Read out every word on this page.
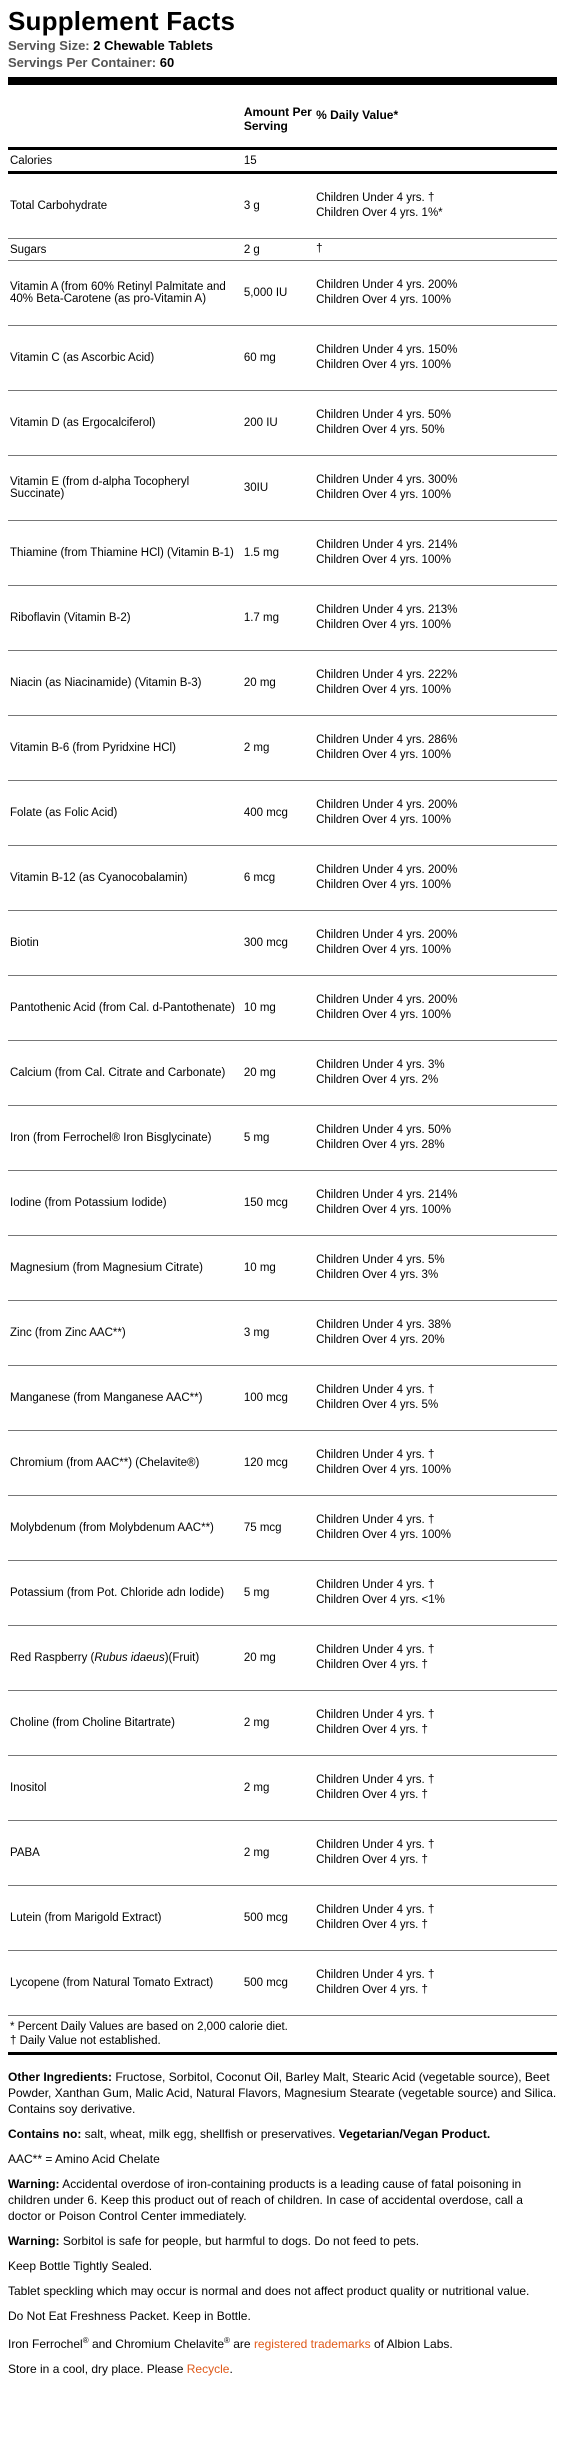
Supplement Facts
Serving Size: 2 Chewable Tablets
Servings Per Container: 60
	Amount Per Serving	% Daily Value*
Calories	15	
Total Carbohydrate	3 g	Children Under 4 yrs. †
Children Over 4 yrs. 1%*
Sugars	2 g	†
Vitamin A (from 60% Retinyl Palmitate and 40% Beta-Carotene (as pro-Vitamin A)	5,000 IU	Children Under 4 yrs. 200%
Children Over 4 yrs. 100%
Vitamin C (as Ascorbic Acid)	60 mg	Children Under 4 yrs. 150%
Children Over 4 yrs. 100%
Vitamin D (as Ergocalciferol)	200 IU	Children Under 4 yrs. 50%
Children Over 4 yrs. 50%
Vitamin E (from d-alpha Tocopheryl Succinate)	30IU	Children Under 4 yrs. 300%
Children Over 4 yrs. 100%
Thiamine (from Thiamine HCl) (Vitamin B-1)	1.5 mg	Children Under 4 yrs. 214%
Children Over 4 yrs. 100%
Riboflavin (Vitamin B-2)	1.7 mg	Children Under 4 yrs. 213%
Children Over 4 yrs. 100%
Niacin (as Niacinamide) (Vitamin B-3)	20 mg	Children Under 4 yrs. 222%
Children Over 4 yrs. 100%
Vitamin B-6 (from Pyridxine HCl)	2 mg	Children Under 4 yrs. 286%
Children Over 4 yrs. 100%
Folate (as Folic Acid)	400 mcg	Children Under 4 yrs. 200%
Children Over 4 yrs. 100%
Vitamin B-12 (as Cyanocobalamin)	6 mcg	Children Under 4 yrs. 200%
Children Over 4 yrs. 100%
Biotin	300 mcg	Children Under 4 yrs. 200%
Children Over 4 yrs. 100%
Pantothenic Acid (from Cal. d-Pantothenate)	10 mg	Children Under 4 yrs. 200%
Children Over 4 yrs. 100%
Calcium (from Cal. Citrate and Carbonate)	20 mg	Children Under 4 yrs. 3%
Children Over 4 yrs. 2%
Iron (from Ferrochel® Iron Bisglycinate)	5 mg	Children Under 4 yrs. 50%
Children Over 4 yrs. 28%
Iodine (from Potassium Iodide)	150 mcg	Children Under 4 yrs. 214%
Children Over 4 yrs. 100%
Magnesium (from Magnesium Citrate)	10 mg	Children Under 4 yrs. 5%
Children Over 4 yrs. 3%
Zinc (from Zinc AAC**)	3 mg	Children Under 4 yrs. 38%
Children Over 4 yrs. 20%
Manganese (from Manganese AAC**)	100 mcg	Children Under 4 yrs. †
Children Over 4 yrs. 5%
Chromium (from AAC**) (Chelavite®)	120 mcg	Children Under 4 yrs. †
Children Over 4 yrs. 100%
Molybdenum (from Molybdenum AAC**)	75 mcg	Children Under 4 yrs. †
Children Over 4 yrs. 100%
Potassium (from Pot. Chloride adn Iodide)	5 mg	Children Under 4 yrs. †
Children Over 4 yrs. <1%
Red Raspberry (Rubus idaeus)(Fruit)	20 mg	Children Under 4 yrs. †
Children Over 4 yrs. †
Choline (from Choline Bitartrate)	2 mg	Children Under 4 yrs. †
Children Over 4 yrs. †
Inositol	2 mg	Children Under 4 yrs. †
Children Over 4 yrs. †
PABA	2 mg	Children Under 4 yrs. †
Children Over 4 yrs. †
Lutein (from Marigold Extract)	500 mcg	Children Under 4 yrs. †
Children Over 4 yrs. †
Lycopene (from Natural Tomato Extract)	500 mcg	Children Under 4 yrs. †
Children Over 4 yrs. †
* Percent Daily Values are based on 2,000 calorie diet.
† Daily Value not established.

Other Ingredients: Fructose, Sorbitol, Coconut Oil, Barley Malt, Stearic Acid (vegetable source), Beet Powder, Xanthan Gum, Malic Acid, Natural Flavors, Magnesium Stearate (vegetable source) and Silica. Contains soy derivative.

Contains no: salt, wheat, milk egg, shellfish or preservatives. Vegetarian/Vegan Product.

AAC** = Amino Acid Chelate

Warning: Accidental overdose of iron-containing products is a leading cause of fatal poisoning in children under 6. Keep this product out of reach of children. In case of accidental overdose, call a doctor or Poison Control Center immediately.

Warning: Sorbitol is safe for people, but harmful to dogs. Do not feed to pets.

Keep Bottle Tightly Sealed.

Tablet speckling which may occur is normal and does not affect product quality or nutritional value.

Do Not Eat Freshness Packet. Keep in Bottle.

Iron Ferrochel® and Chromium Chelavite® are registered trademarks of Albion Labs.

Store in a cool, dry place. Please Recycle.
